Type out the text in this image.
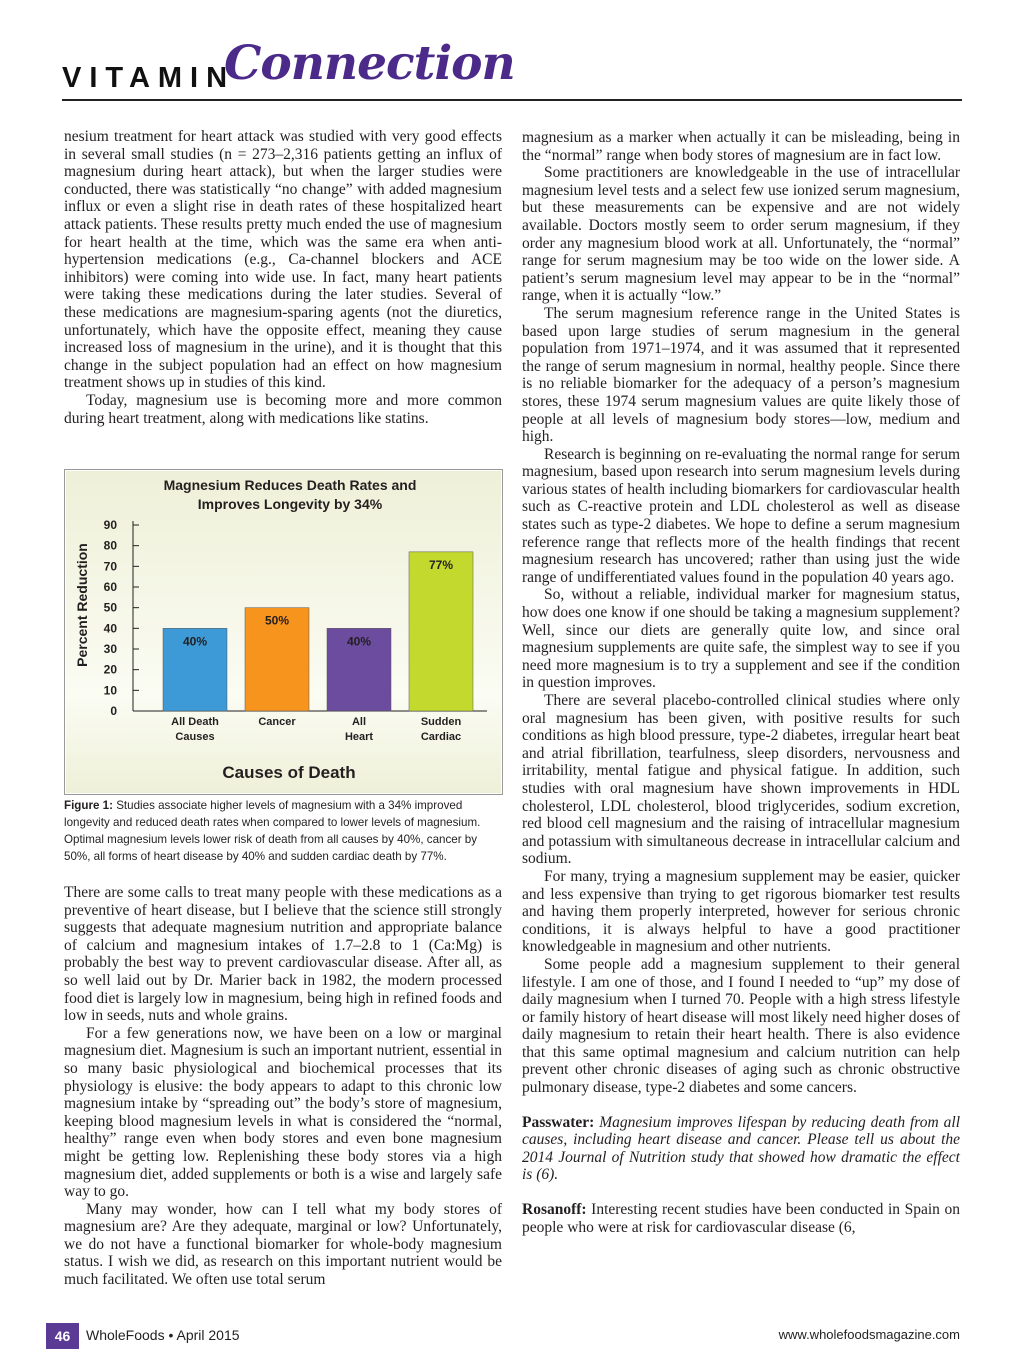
VITAMIN
Connection

nesium treatment for heart attack was studied with very good effects in several small studies (n = 273–2,316 patients getting an influx of magnesium during heart attack), but when the larger studies were conducted, there was statistically “no change” with added magnesium influx or even a slight rise in death rates of these hospitalized heart attack patients. These results pretty much ended the use of magnesium for heart health at the time, which was the same era when anti-hypertension medications (e.g., Ca-channel blockers and ACE inhibitors) were coming into wide use. In fact, many heart patients were taking these medications during the later studies. Several of these medications are magnesium-sparing agents (not the diuretics, unfortunately, which have the opposite effect, meaning they cause increased loss of magnesium in the urine), and it is thought that this change in the subject population had an effect on how magnesium treatment shows up in studies of this kind.

Today, magnesium use is becoming more and more common during heart treatment, along with medications like statins.

Magnesium Reduces Death Rates and
Improves Longevity by 34%
Percent Reduction
Causes of Death
0
10
20
30
40
50
60
70
80
90
40%
All Death
Causes
50%
Cancer
40%
All
Heart
77%
Sudden
Cardiac
Figure 1: Studies associate higher levels of magnesium with a 34% improved longevity and reduced death rates when compared to lower levels of magnesium. Optimal magnesium levels lower risk of death from all causes by 40%, cancer by 50%, all forms of heart disease by 40% and sudden cardiac death by 77%.

There are some calls to treat many people with these medications as a preventive of heart disease, but I believe that the science still strongly suggests that adequate magnesium nutrition and appropriate balance of calcium and magnesium intakes of 1.7–2.8 to 1 (Ca:Mg) is probably the best way to prevent cardiovascular disease. After all, as so well laid out by Dr. Marier back in 1982, the modern processed food diet is largely low in magnesium, being high in refined foods and low in seeds, nuts and whole grains.

For a few generations now, we have been on a low or marginal magnesium diet. Magnesium is such an important nutrient, essential in so many basic physiological and biochemical processes that its physiology is elusive: the body appears to adapt to this chronic low magnesium intake by “spreading out” the body’s store of magnesium, keeping blood magnesium levels in what is considered the “normal, healthy” range even when body stores and even bone magnesium might be getting low. Replenishing these body stores via a high magnesium diet, added supplements or both is a wise and largely safe way to go.

Many may wonder, how can I tell what my body stores of magnesium are? Are they adequate, marginal or low? Unfortunately, we do not have a functional biomarker for whole-body magnesium status. I wish we did, as research on this important nutrient would be much facilitated. We often use total serum

magnesium as a marker when actually it can be misleading, being in the “normal” range when body stores of magnesium are in fact low.

Some practitioners are knowledgeable in the use of intracellular magnesium level tests and a select few use ionized serum magnesium, but these measurements can be expensive and are not widely available. Doctors mostly seem to order serum magnesium, if they order any magnesium blood work at all. Unfortunately, the “normal” range for serum magnesium may be too wide on the lower side. A patient’s serum magnesium level may appear to be in the “normal” range, when it is actually “low.”

The serum magnesium reference range in the United States is based upon large studies of serum magnesium in the general population from 1971–1974, and it was assumed that it represented the range of serum magnesium in normal, healthy people. Since there is no reliable biomarker for the adequacy of a person’s magnesium stores, these 1974 serum magnesium values are quite likely those of people at all levels of magnesium body stores—low, medium and high.

Research is beginning on re-evaluating the normal range for serum magnesium, based upon research into serum magnesium levels during various states of health including biomarkers for cardiovascular health such as C-reactive protein and LDL cholesterol as well as disease states such as type-2 diabetes. We hope to define a serum magnesium reference range that reflects more of the health findings that recent magnesium research has uncovered; rather than using just the wide range of undifferentiated values found in the population 40 years ago.

So, without a reliable, individual marker for magnesium status, how does one know if one should be taking a magnesium supplement? Well, since our diets are generally quite low, and since oral magnesium supplements are quite safe, the simplest way to see if you need more magnesium is to try a supplement and see if the condition in question improves.

There are several placebo-controlled clinical studies where only oral magnesium has been given, with positive results for such conditions as high blood pressure, type-2 diabetes, irregular heart beat and atrial fibrillation, tearfulness, sleep disorders, nervousness and irritability, mental fatigue and physical fatigue. In addition, such studies with oral magnesium have shown improvements in HDL cholesterol, LDL cholesterol, blood triglycerides, sodium excretion, red blood cell magnesium and the raising of intracellular magnesium and potassium with simultaneous decrease in intracellular calcium and sodium.

For many, trying a magnesium supplement may be easier, quicker and less expensive than trying to get rigorous biomarker test results and having them properly interpreted, however for serious chronic conditions, it is always helpful to have a good practitioner knowledgeable in magnesium and other nutrients.

Some people add a magnesium supplement to their general lifestyle. I am one of those, and I found I needed to “up” my dose of daily magnesium when I turned 70. People with a high stress lifestyle or family history of heart disease will most likely need higher doses of daily magnesium to retain their heart health. There is also evidence that this same optimal magnesium and calcium nutrition can help prevent other chronic diseases of aging such as chronic obstructive pulmonary disease, type-2 diabetes and some cancers.

Passwater: Magnesium improves lifespan by reducing death from all causes, including heart disease and cancer. Please tell us about the 2014 Journal of Nutrition study that showed how dramatic the effect is (6).

Rosanoff: Interesting recent studies have been conducted in Spain on people who were at risk for cardiovascular disease (6,

46	WholeFoods • April 2015	www.wholefoodsmagazine.com
